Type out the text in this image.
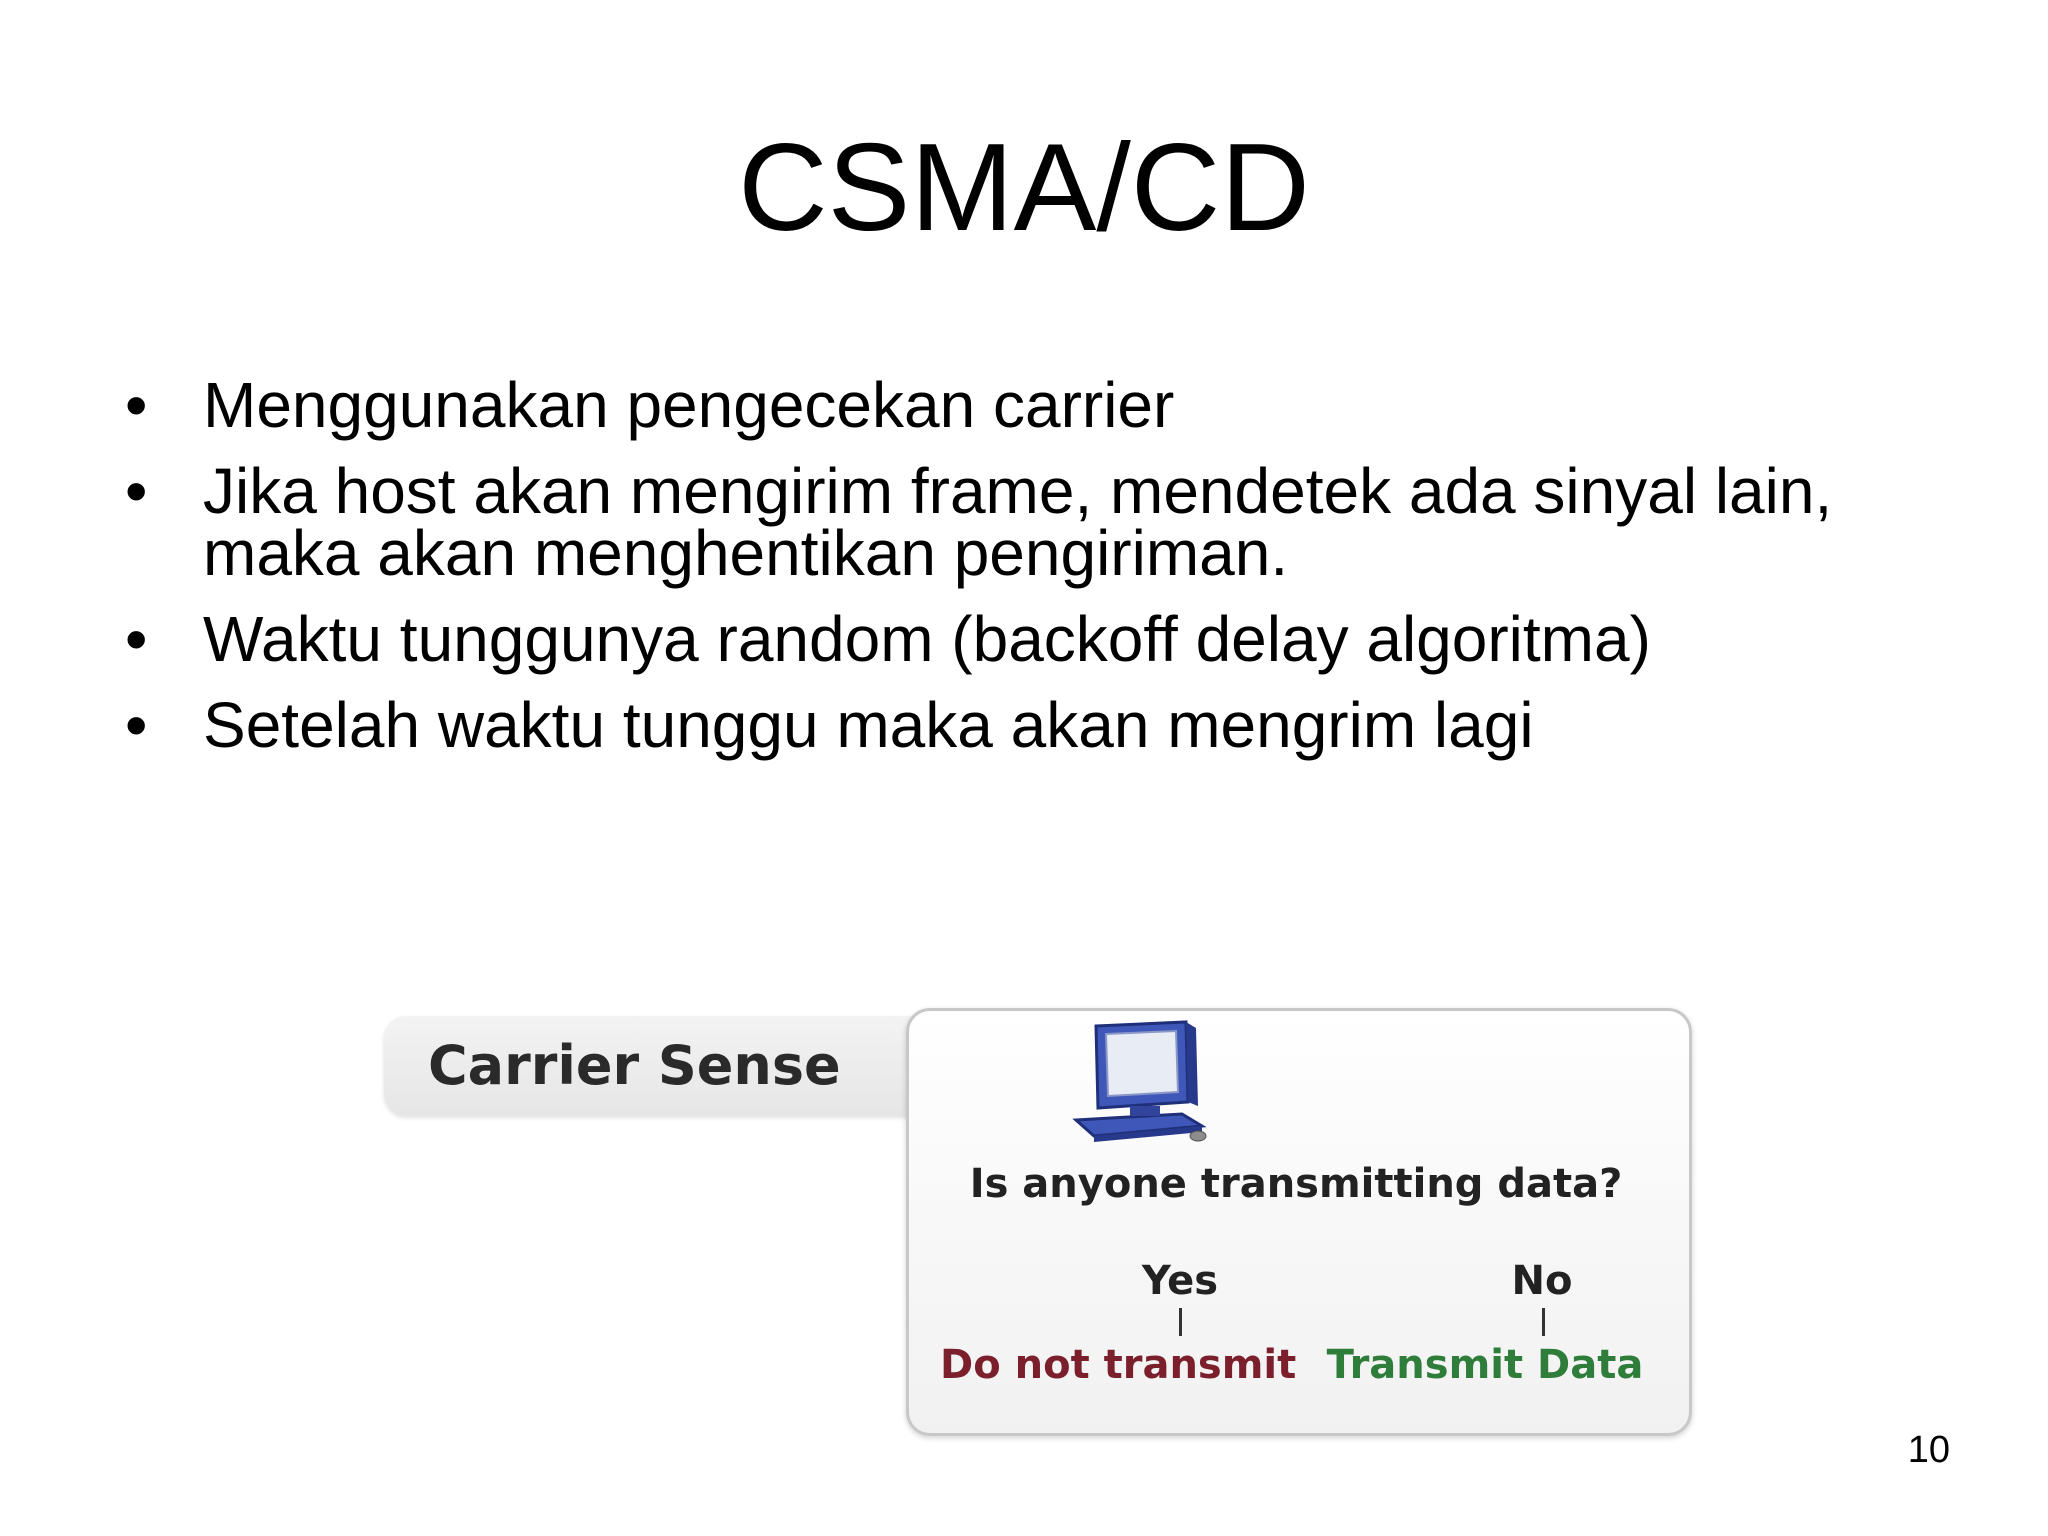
CSMA/CD
• Menggunakan pengecekan carrier
• Jika host akan mengirim frame, mendetek ada sinyal lain, maka akan menghentikan pengiriman.
• Waktu tunggunya random (backoff delay algoritma)
• Setelah waktu tunggu maka akan mengrim lagi
Carrier Sense
Is anyone transmitting data?
Yes	No
Do not transmit Transmit Data
10
